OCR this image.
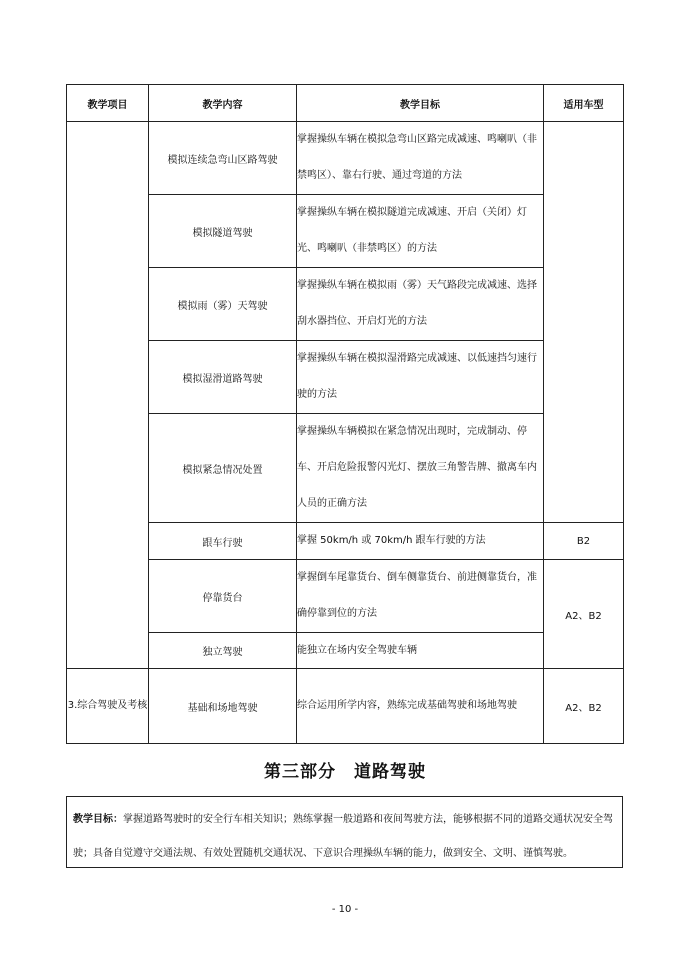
教学项目	教学内容	教学目标	适用车型
	模拟连续急弯山区路驾驶	掌握操纵车辆在模拟急弯山区路完成减速、鸣喇叭（非禁鸣区）、靠右行驶、通过弯道的方法	
	模拟隧道驾驶	掌握操纵车辆在模拟隧道完成减速、开启（关闭）灯光、鸣喇叭（非禁鸣区）的方法	
	模拟雨（雾）天驾驶	掌握操纵车辆在模拟雨（雾）天气路段完成减速、选择刮水器挡位、开启灯光的方法	
	模拟湿滑道路驾驶	掌握操纵车辆在模拟湿滑路完成减速、以低速挡匀速行驶的方法	
	模拟紧急情况处置	掌握操纵车辆模拟在紧急情况出现时，完成制动、停车、开启危险报警闪光灯、摆放三角警告牌、撤离车内人员的正确方法	
	跟车行驶	掌握 50km/h 或 70km/h 跟车行驶的方法	B2
	停靠货台	掌握倒车尾靠货台、倒车侧靠货台、前进侧靠货台，准确停靠到位的方法	A2、B2
	独立驾驶	能独立在场内安全驾驶车辆	
3.综合驾驶及考核	基础和场地驾驶	综合运用所学内容，熟练完成基础驾驶和场地驾驶	A2、B2
第三部分 道路驾驶
教学目标：掌握道路驾驶时的安全行车相关知识；熟练掌握一般道路和夜间驾驶方法，能够根据不同的道路交通状况安全驾驶；具备自觉遵守交通法规、有效处置随机交通状况、下意识合理操纵车辆的能力，做到安全、文明、谨慎驾驶。
- 10 -
